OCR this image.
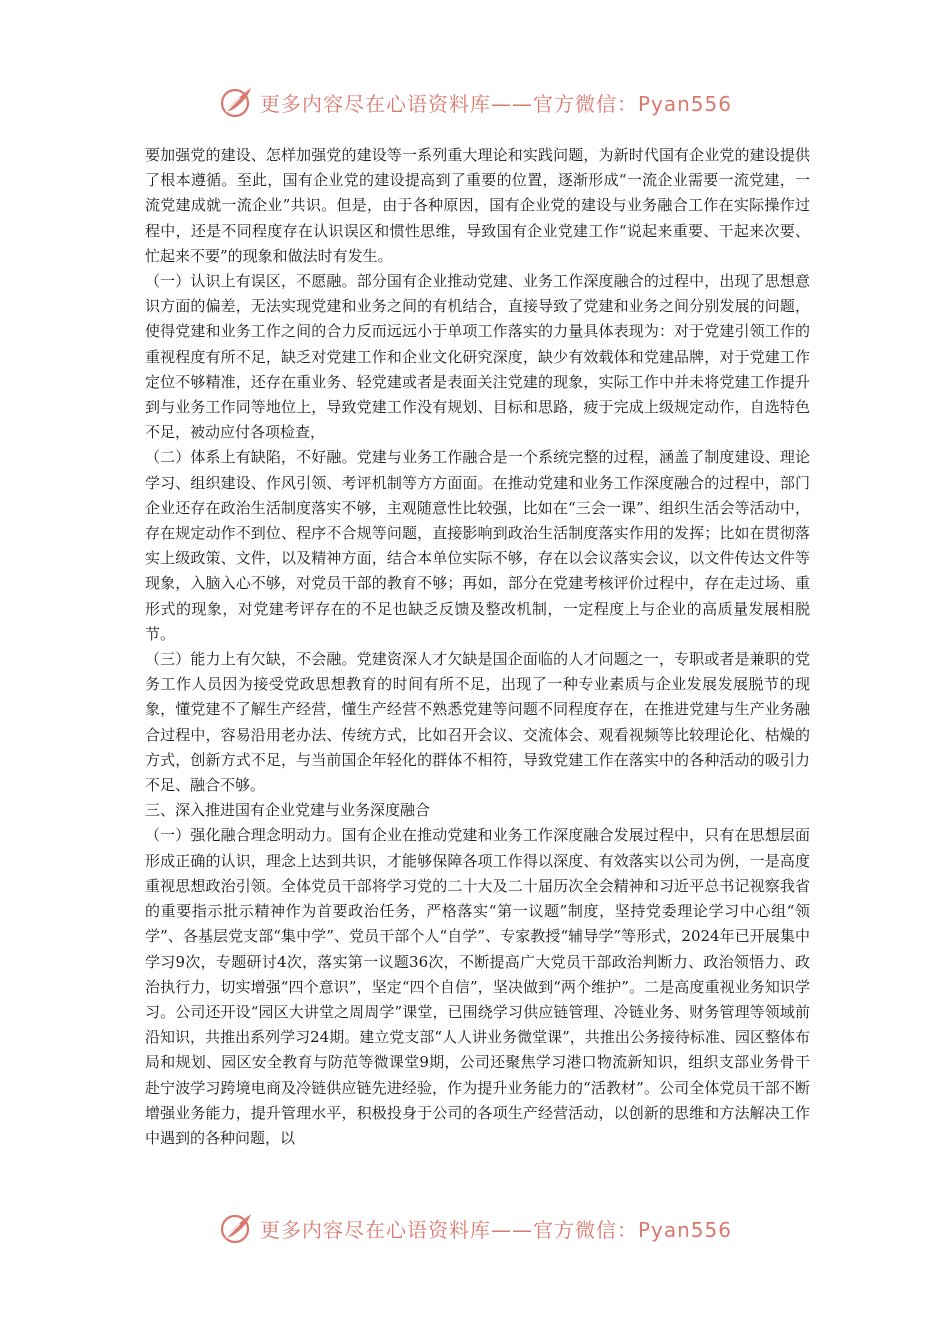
更多内容尽在心语资料库——官方微信：Pyan556

要加强党的建设、怎样加强党的建设等一系列重大理论和实践问题，为新时代国有企业党的建设提供了根本遵循。至此，国有企业党的建设提高到了重要的位置，逐渐形成“一流企业需要一流党建，一流党建成就一流企业”共识。但是，由于各种原因，国有企业党的建设与业务融合工作在实际操作过程中，还是不同程度存在认识误区和惯性思维，导致国有企业党建工作“说起来重要、干起来次要、忙起来不要”的现象和做法时有发生。

（一）认识上有误区，不愿融。部分国有企业推动党建、业务工作深度融合的过程中，出现了思想意识方面的偏差，无法实现党建和业务之间的有机结合，直接导致了党建和业务之间分别发展的问题，使得党建和业务工作之间的合力反而远远小于单项工作落实的力量具体表现为：对于党建引领工作的重视程度有所不足，缺乏对党建工作和企业文化研究深度，缺少有效载体和党建品牌，对于党建工作定位不够精准，还存在重业务、轻党建或者是表面关注党建的现象，实际工作中并未将党建工作提升到与业务工作同等地位上，导致党建工作没有规划、目标和思路，疲于完成上级规定动作，自选特色不足，被动应付各项检查，

（二）体系上有缺陷，不好融。党建与业务工作融合是一个系统完整的过程，涵盖了制度建设、理论学习、组织建设、作风引领、考评机制等方方面面。在推动党建和业务工作深度融合的过程中，部门企业还存在政治生活制度落实不够，主观随意性比较强，比如在“三会一课”、组织生活会等活动中，存在规定动作不到位、程序不合规等问题，直接影响到政治生活制度落实作用的发挥；比如在贯彻落实上级政策、文件，以及精神方面，结合本单位实际不够，存在以会议落实会议，以文件传达文件等现象，入脑入心不够，对党员干部的教育不够；再如，部分在党建考核评价过程中，存在走过场、重形式的现象，对党建考评存在的不足也缺乏反馈及整改机制，一定程度上与企业的高质量发展相脱节。

（三）能力上有欠缺，不会融。党建资深人才欠缺是国企面临的人才问题之一，专职或者是兼职的党务工作人员因为接受党政思想教育的时间有所不足，出现了一种专业素质与企业发展发展脱节的现象，懂党建不了解生产经营，懂生产经营不熟悉党建等问题不同程度存在，在推进党建与生产业务融合过程中，容易沿用老办法、传统方式，比如召开会议、交流体会、观看视频等比较理论化、枯燥的方式，创新方式不足，与当前国企年轻化的群体不相符，导致党建工作在落实中的各种活动的吸引力不足、融合不够。

三、深入推进国有企业党建与业务深度融合

（一）强化融合理念明动力。国有企业在推动党建和业务工作深度融合发展过程中，只有在思想层面形成正确的认识，理念上达到共识，才能够保障各项工作得以深度、有效落实以公司为例，一是高度重视思想政治引领。全体党员干部将学习党的二十大及二十届历次全会精神和习近平总书记视察我省的重要指示批示精神作为首要政治任务，严格落实“第一议题”制度，坚持党委理论学习中心组“领学”、各基层党支部“集中学”、党员干部个人“自学”、专家教授“辅导学”等形式，2024年已开展集中学习9次，专题研讨4次，落实第一议题36次，不断提高广大党员干部政治判断力、政治领悟力、政治执行力，切实增强“四个意识”，坚定“四个自信”，坚决做到“两个维护”。二是高度重视业务知识学习。公司还开设“园区大讲堂之周周学”课堂，已围绕学习供应链管理、冷链业务、财务管理等领域前沿知识，共推出系列学习24期。建立党支部“人人讲业务微堂课”，共推出公务接待标准、园区整体布局和规划、园区安全教育与防范等微课堂9期，公司还聚焦学习港口物流新知识，组织支部业务骨干赴宁波学习跨境电商及冷链供应链先进经验，作为提升业务能力的“活教材”。公司全体党员干部不断增强业务能力，提升管理水平，积极投身于公司的各项生产经营活动，以创新的思维和方法解决工作中遇到的各种问题，以

更多内容尽在心语资料库——官方微信：Pyan556
